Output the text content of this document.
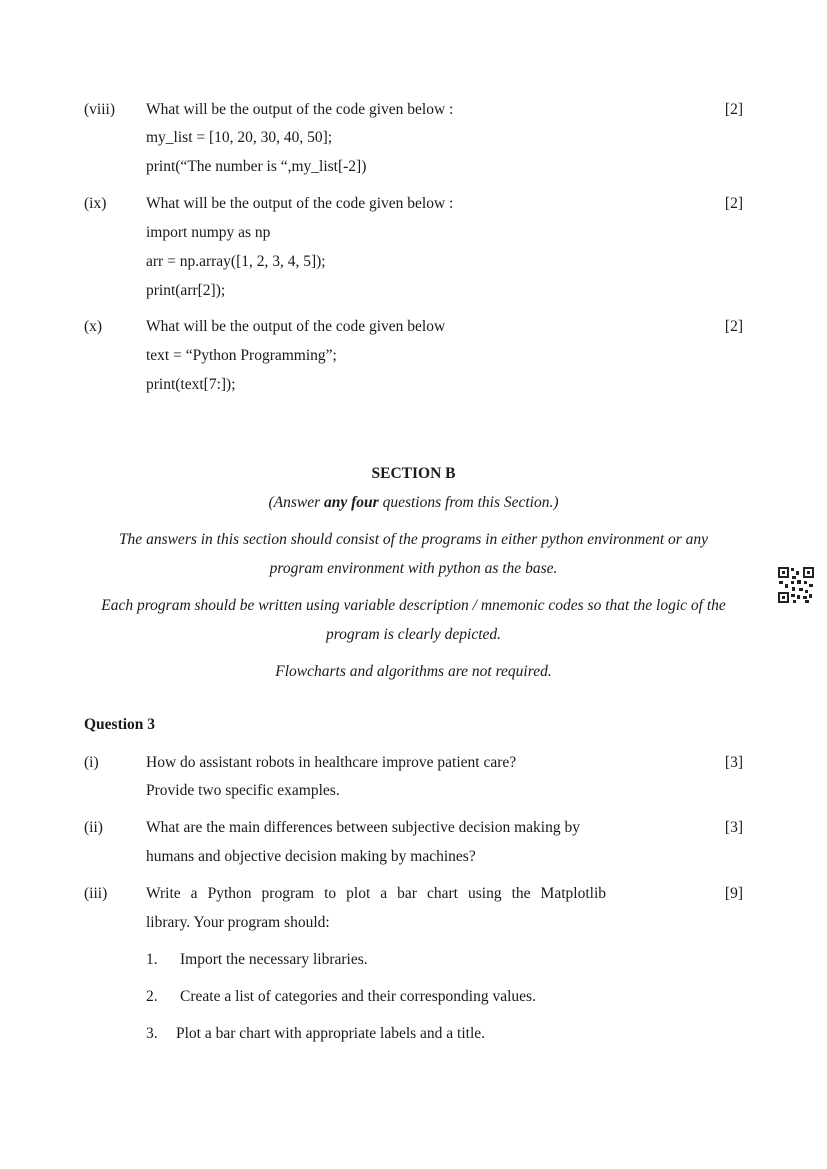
(viii) What will be the output of the code given below :	[2]
my_list = [10, 20, 30, 40, 50];
print(“The number is “,my_list[-2])
(ix)	What will be the output of the code given below :	[2]
import numpy as np
arr = np.array([1, 2, 3, 4, 5]);
print(arr[2]);
(x)	What will be the output of the code given below	[2]
text = “Python Programming”;
print(text[7:]);
SECTION B
(Answer any four questions from this Section.)
The answers in this section should consist of the programs in either python environment or any
program environment with python as the base.
Each program should be written using variable description / mnemonic codes so that the logic of the
program is clearly depicted.
Flowcharts and algorithms are not required.
Question 3
(i)	How do assistant robots in healthcare improve patient care?	[3]
Provide two specific examples.
(ii)	What are the main differences between subjective decision making by	[3]
humans and objective decision making by machines?
(iii)	Write a Python program to plot a bar chart using the Matplotlib	[9]
library. Your program should:
1. Import the necessary libraries.
2. Create a list of categories and their corresponding values.
3. Plot a bar chart with appropriate labels and a title.
